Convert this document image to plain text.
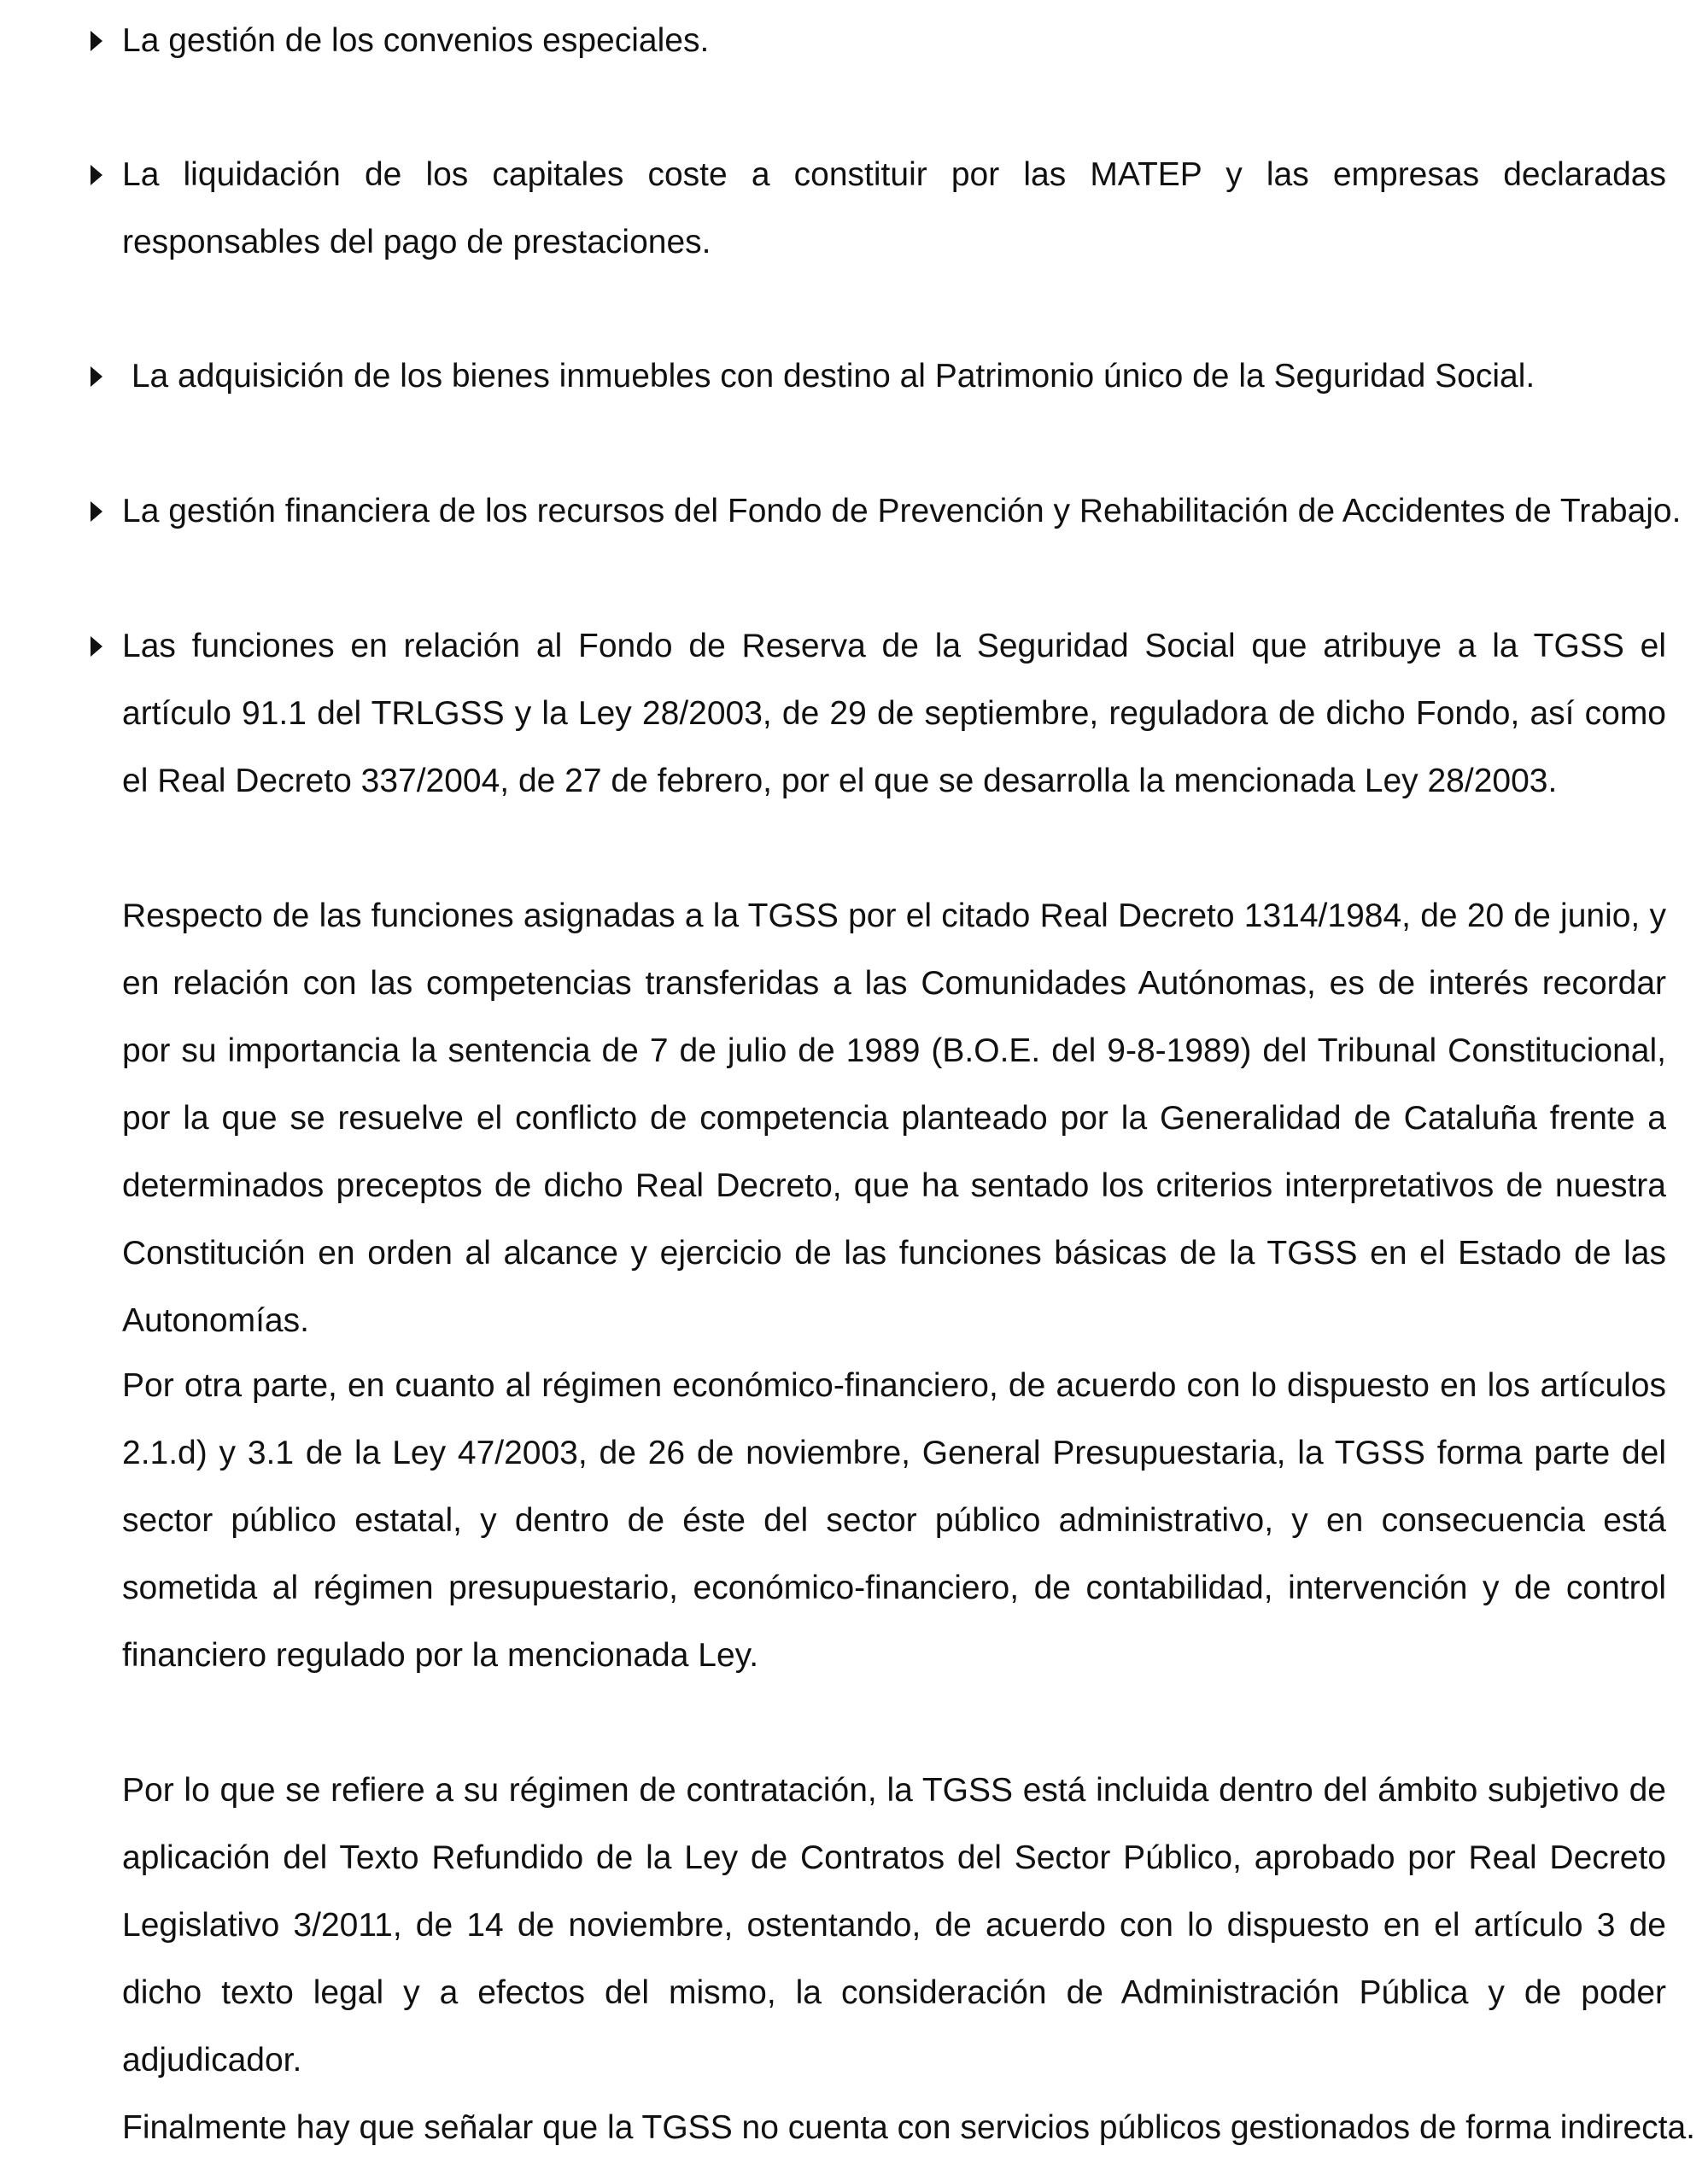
La gestión de los convenios especiales.

La liquidación de los capitales coste a constituir por las MATEP y las empresas declaradas responsables del pago de prestaciones.

La adquisición de los bienes inmuebles con destino al Patrimonio único de la Seguridad Social.

La gestión financiera de los recursos del Fondo de Prevención y Rehabilitación de Accidentes de Trabajo.

Las funciones en relación al Fondo de Reserva de la Seguridad Social que atribuye a la TGSS el artículo 91.1 del TRLGSS y la Ley 28/2003, de 29 de septiembre, reguladora de dicho Fondo, así como el Real Decreto 337/2004, de 27 de febrero, por el que se desarrolla la mencionada Ley 28/2003.

Respecto de las funciones asignadas a la TGSS por el citado Real Decreto 1314/1984, de 20 de junio, y en relación con las competencias transferidas a las Comunidades Autónomas, es de interés recordar por su importancia la sentencia de 7 de julio de 1989 (B.O.E. del 9-8-1989) del Tribunal Constitucional, por la que se resuelve el conflicto de competencia planteado por la Generalidad de Cataluña frente a determinados preceptos de dicho Real Decreto, que ha sentado los criterios interpretativos de nuestra Constitución en orden al alcance y ejercicio de las funciones básicas de la TGSS en el Estado de las Autonomías.

Por otra parte, en cuanto al régimen económico-financiero, de acuerdo con lo dispuesto en los artículos 2.1.d) y 3.1 de la Ley 47/2003, de 26 de noviembre, General Presupuestaria, la TGSS forma parte del sector público estatal, y dentro de éste del sector público administrativo, y en consecuencia está sometida al régimen presupuestario, económico-financiero, de contabilidad, intervención y de control financiero regulado por la mencionada Ley.

Por lo que se refiere a su régimen de contratación, la TGSS está incluida dentro del ámbito subjetivo de aplicación del Texto Refundido de la Ley de Contratos del Sector Público, aprobado por Real Decreto Legislativo 3/2011, de 14 de noviembre, ostentando, de acuerdo con lo dispuesto en el artículo 3 de dicho texto legal y a efectos del mismo, la consideración de Administración Pública y de poder adjudicador.

Finalmente hay que señalar que la TGSS no cuenta con servicios públicos gestionados de forma indirecta.
